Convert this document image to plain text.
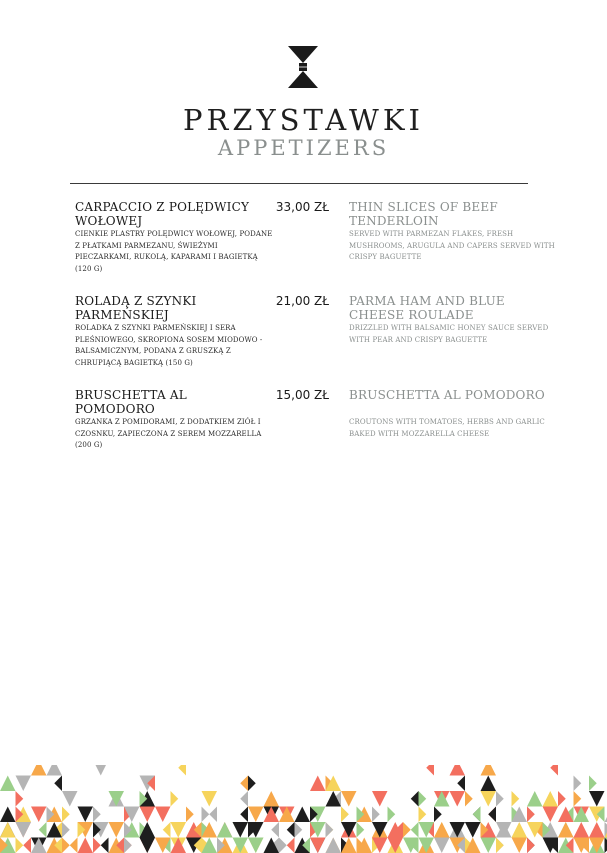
PRZYSTAWKI
APPETIZERS
CARPACCIO Z POLĘDWICY WOŁOWEJ
CIENKIE PLASTRY POLĘDWICY WOŁOWEJ, PODANE Z PŁATKAMI PARMEZANU, ŚWIEŻYMI PIECZARKAMI, RUKOLĄ, KAPARAMI I BAGIETKĄ (120 G)
33,00 ZŁ THIN SLICES OF BEEF TENDERLOIN
SERVED WITH PARMEZAN FLAKES, FRESH MUSHROOMS, ARUGULA AND CAPERS SERVED WITH CRISPY BAGUETTE
ROLADĄ Z SZYNKI PARMEŃSKIEJ
ROLADKA Z SZYNKI PARMEŃSKIEJ I SERA PLEŚNIOWEGO, SKROPIONA SOSEM MIODOWO - BALSAMICZNYM, PODANA Z GRUSZKĄ Z CHRUPIĄCĄ BAGIETKĄ (150 G)
21,00 ZŁ PARMA HAM AND BLUE CHEESE ROULADE
DRIZZLED WITH BALSAMIC HONEY SAUCE SERVED WITH PEAR AND CRISPY BAGUETTE
BRUSCHETTA AL POMODORO
GRZANKA Z POMIDORAMI, Z DODATKIEM ZIÓŁ I CZOSNKU, ZAPIECZONA Z SEREM MOZZARELLA (200 G)
15,00 ZŁ BRUSCHETTA AL POMODORO
CROUTONS WITH TOMATOES, HERBS AND GARLIC BAKED WITH MOZZARELLA CHEESE
